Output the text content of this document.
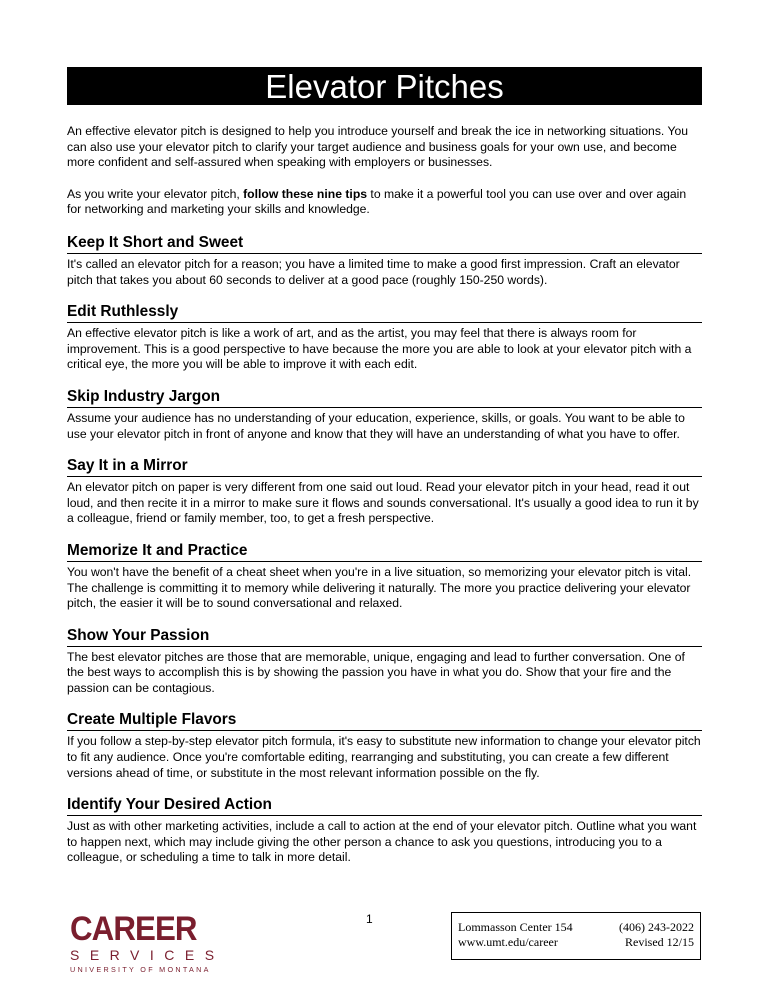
Elevator Pitches

An effective elevator pitch is designed to help you introduce yourself and break the ice in networking situations. You can also use your elevator pitch to clarify your target audience and business goals for your own use, and become more confident and self-assured when speaking with employers or businesses.

As you write your elevator pitch, follow these nine tips to make it a powerful tool you can use over and over again for networking and marketing your skills and knowledge.

Keep It Short and Sweet

It's called an elevator pitch for a reason; you have a limited time to make a good first impression. Craft an elevator pitch that takes you about 60 seconds to deliver at a good pace (roughly 150-250 words).

Edit Ruthlessly

An effective elevator pitch is like a work of art, and as the artist, you may feel that there is always room for improvement. This is a good perspective to have because the more you are able to look at your elevator pitch with a critical eye, the more you will be able to improve it with each edit.

Skip Industry Jargon

Assume your audience has no understanding of your education, experience, skills, or goals. You want to be able to use your elevator pitch in front of anyone and know that they will have an understanding of what you have to offer.

Say It in a Mirror

An elevator pitch on paper is very different from one said out loud. Read your elevator pitch in your head, read it out loud, and then recite it in a mirror to make sure it flows and sounds conversational. It's usually a good idea to run it by a colleague, friend or family member, too, to get a fresh perspective.

Memorize It and Practice

You won't have the benefit of a cheat sheet when you're in a live situation, so memorizing your elevator pitch is vital. The challenge is committing it to memory while delivering it naturally. The more you practice delivering your elevator pitch, the easier it will be to sound conversational and relaxed.

Show Your Passion

The best elevator pitches are those that are memorable, unique, engaging and lead to further conversation. One of the best ways to accomplish this is by showing the passion you have in what you do. Show that your fire and the passion can be contagious.

Create Multiple Flavors

If you follow a step-by-step elevator pitch formula, it's easy to substitute new information to change your elevator pitch to fit any audience. Once you're comfortable editing, rearranging and substituting, you can create a few different versions ahead of time, or substitute in the most relevant information possible on the fly.

Identify Your Desired Action

Just as with other marketing activities, include a call to action at the end of your elevator pitch. Outline what you want to happen next, which may include giving the other person a chance to ask you questions, introducing you to a colleague, or scheduling a time to talk in more detail.

CAREER
SERVICES
UNIVERSITY OF MONTANA
1
Lommasson Center 154	(406) 243-2022
www.umt.edu/career	Revised 12/15
